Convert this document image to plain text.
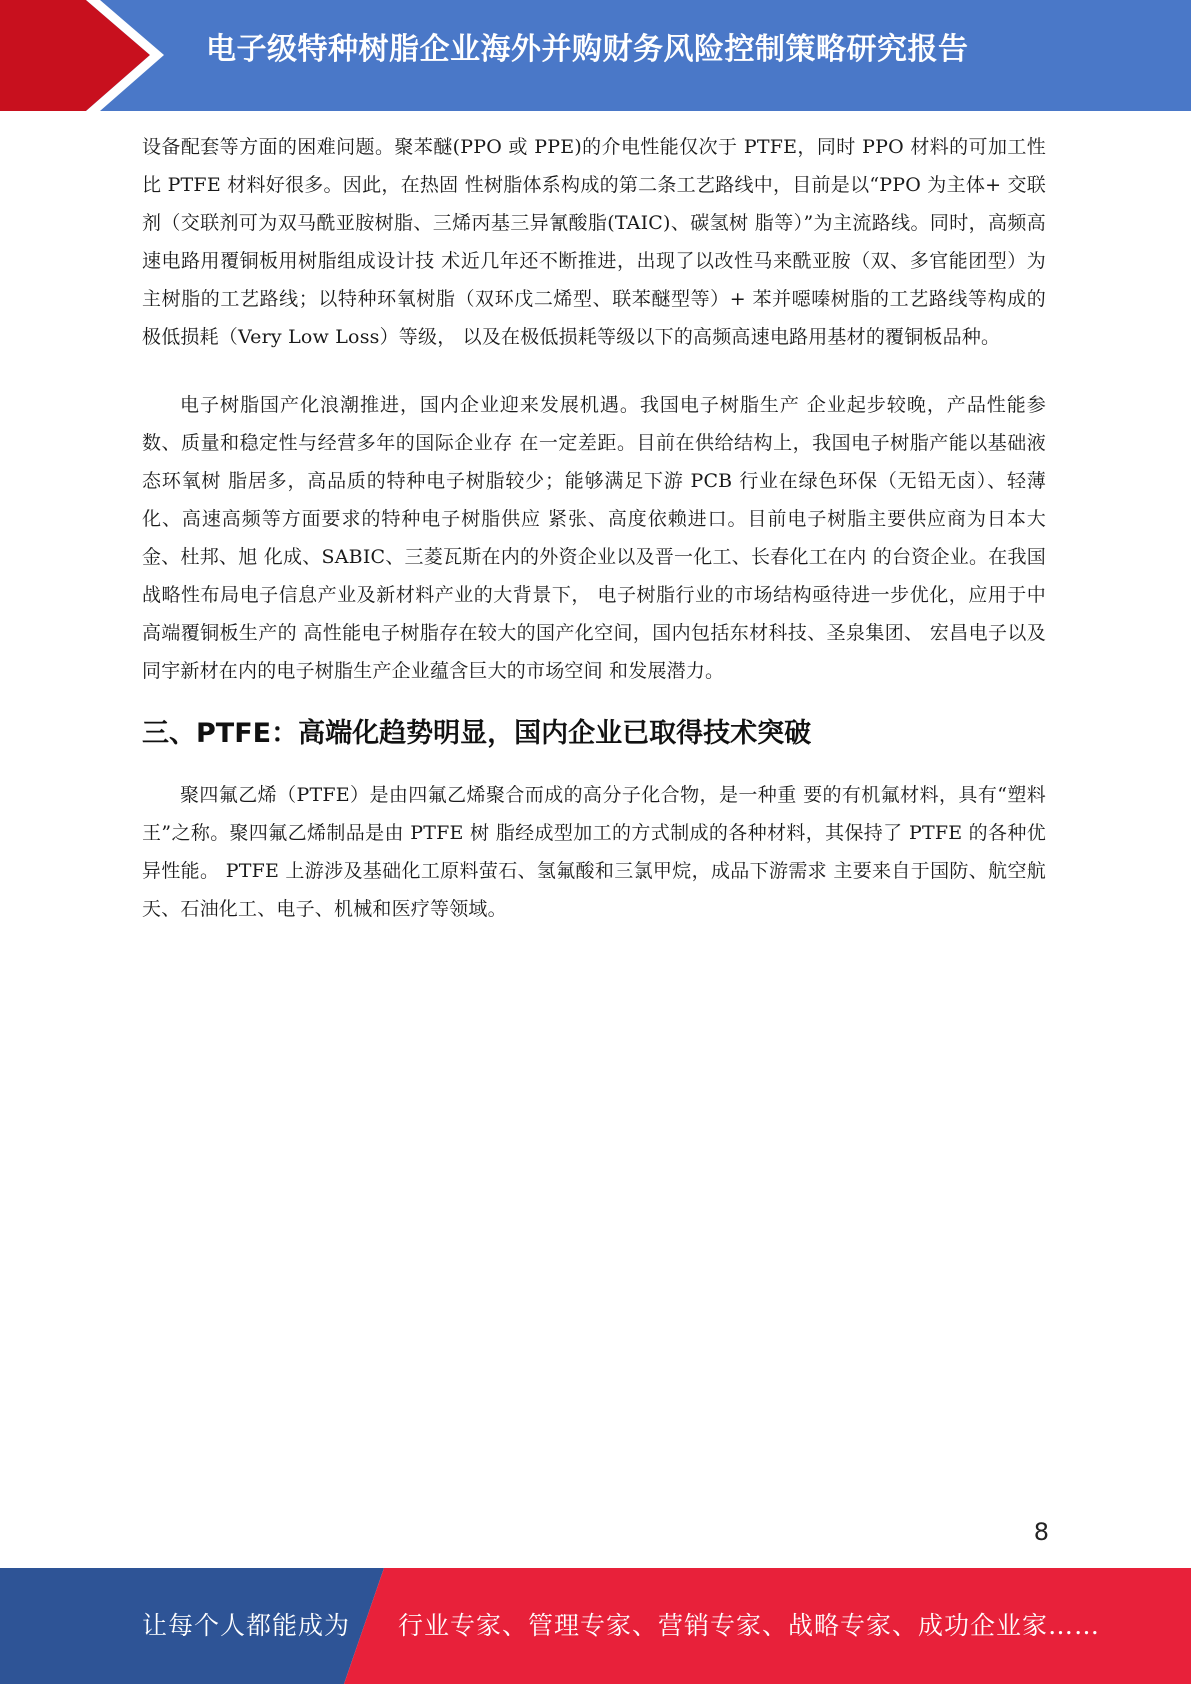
电子级特种树脂企业海外并购财务风险控制策略研究报告

设备配套等方面的困难问题。聚苯醚(PPO 或 PPE)的介电性能仅次于 PTFE，同时 PPO 材料的可加工性比 PTFE 材料好很多。因此，在热固 性树脂体系构成的第二条工艺路线中，目前是以“PPO 为主体+ 交联 剂（交联剂可为双马酰亚胺树脂、三烯丙基三异氰酸脂(TAIC)、碳氢树 脂等）”为主流路线。同时，高频高速电路用覆铜板用树脂组成设计技 术近几年还不断推进，出现了以改性马来酰亚胺（双、多官能团型）为 主树脂的工艺路线；以特种环氧树脂（双环戊二烯型、联苯醚型等）+ 苯并噁嗪树脂的工艺路线等构成的极低损耗（Very Low Loss）等级， 以及在极低损耗等级以下的高频高速电路用基材的覆铜板品种。

电子树脂国产化浪潮推进，国内企业迎来发展机遇。我国电子树脂生产 企业起步较晚，产品性能参数、质量和稳定性与经营多年的国际企业存 在一定差距。目前在供给结构上，我国电子树脂产能以基础液态环氧树 脂居多，高品质的特种电子树脂较少；能够满足下游 PCB 行业在绿色环保（无铅无卤）、轻薄化、高速高频等方面要求的特种电子树脂供应 紧张、高度依赖进口。目前电子树脂主要供应商为日本大金、杜邦、旭 化成、SABIC、三菱瓦斯在内的外资企业以及晋一化工、长春化工在内 的台资企业。在我国战略性布局电子信息产业及新材料产业的大背景下， 电子树脂行业的市场结构亟待进一步优化，应用于中高端覆铜板生产的 高性能电子树脂存在较大的国产化空间，国内包括东材科技、圣泉集团、 宏昌电子以及同宇新材在内的电子树脂生产企业蕴含巨大的市场空间 和发展潜力。

三、PTFE：高端化趋势明显，国内企业已取得技术突破

聚四氟乙烯（PTFE）是由四氟乙烯聚合而成的高分子化合物，是一种重 要的有机氟材料，具有“塑料王”之称。聚四氟乙烯制品是由 PTFE 树 脂经成型加工的方式制成的各种材料，其保持了 PTFE 的各种优异性能。 PTFE 上游涉及基础化工原料萤石、氢氟酸和三氯甲烷，成品下游需求 主要来自于国防、航空航天、石油化工、电子、机械和医疗等领域。

8
让每个人都能成为 行业专家、管理专家、营销专家、战略专家、成功企业家……
